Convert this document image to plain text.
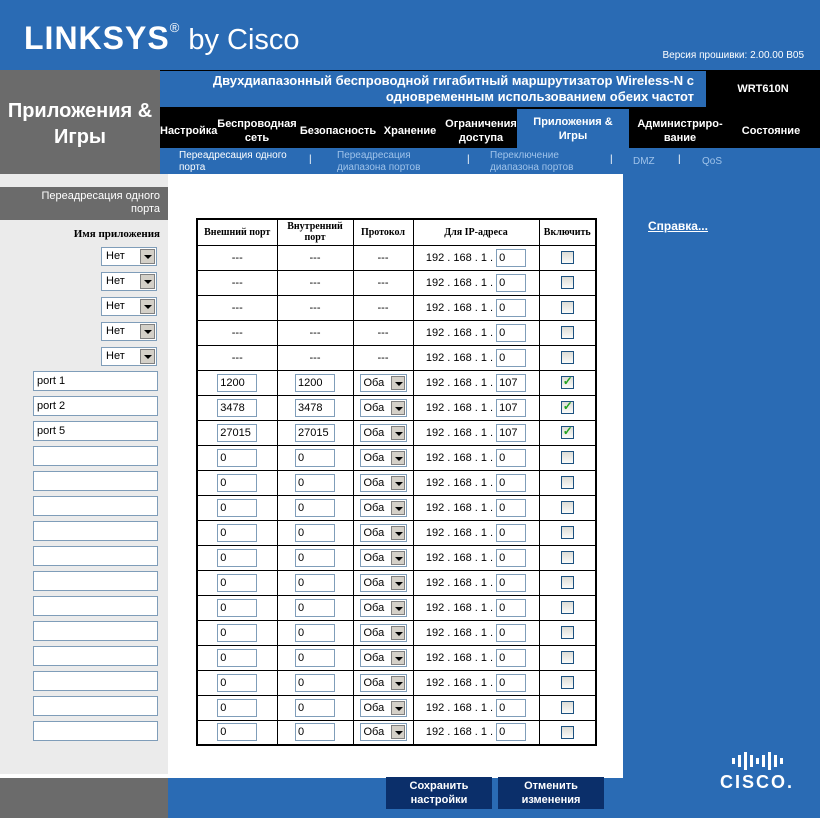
LINKSYS® by Cisco	Версия прошивки: 2.00.00 B05
Приложения & Игры
Двухдиапазонный беспроводной гигабитный маршрутизатор Wireless-N с
одновременным использованием обеих частот	WRT610N
Настройка
Беспроводная
сеть
Безопасность Хранение
Ограничения
доступа
Приложения &
Игры
Администриро-
вание
Состояние
Переадресация одного
порта
|	Переадресация
диапазона портов
| Переключение
диапазона портов
| DMZ | QoS
Переадресация одного
порта
Имя приложения
Справка...
Нет
Нет
Нет
Нет
Нет
port 1
port 2
port 5
Внешний порт	Внутренний
порт	Протокол	Для IP-адреса	Включить
---	---	---	192 . 168 . 1 . 0	
---	---	---	192 . 168 . 1 . 0	
---	---	---	192 . 168 . 1 . 0	
---	---	---	192 . 168 . 1 . 0	
---	---	---	192 . 168 . 1 . 0	
1200	1200	Оба	192 . 168 . 1 . 107	✓
3478	3478	Оба	192 . 168 . 1 . 107	✓
27015	27015	Оба	192 . 168 . 1 . 107	✓
0	0	Оба	192 . 168 . 1 . 0	
0	0	Оба	192 . 168 . 1 . 0	
0	0	Оба	192 . 168 . 1 . 0	
0	0	Оба	192 . 168 . 1 . 0	
0	0	Оба	192 . 168 . 1 . 0	
0	0	Оба	192 . 168 . 1 . 0	
0	0	Оба	192 . 168 . 1 . 0	
0	0	Оба	192 . 168 . 1 . 0	
0	0	Оба	192 . 168 . 1 . 0	
0	0	Оба	192 . 168 . 1 . 0	
0	0	Оба	192 . 168 . 1 . 0	
0	0	Оба	192 . 168 . 1 . 0	
Сохранить
настройки
Отменить
изменения
CISCO.
